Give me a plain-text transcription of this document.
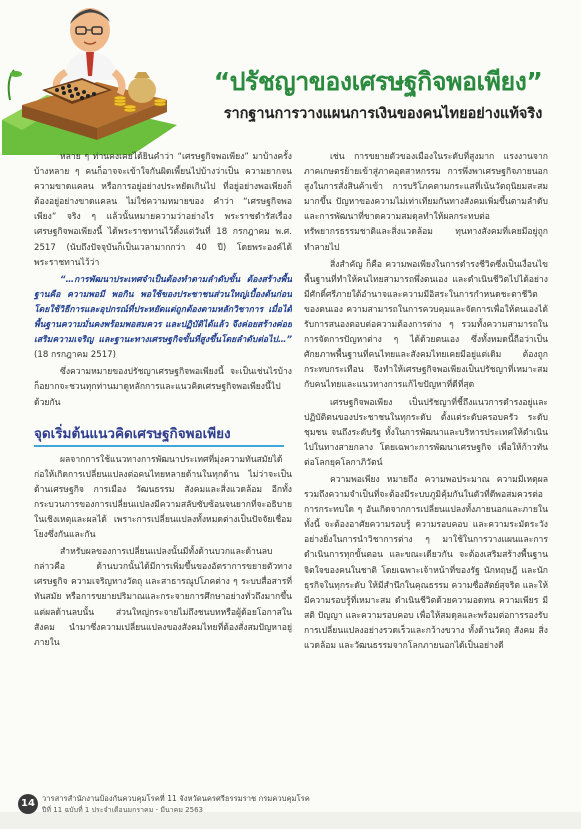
“ปรัชญาของเศรษฐกิจพอเพียง”
รากฐานการวางแผนการเงินของคนไทยอย่างแท้จริง

หลาย ๆ ท่านคงเคยได้ยินคำว่า “เศรษฐกิจพอเพียง” มาบ้างครั้ง บ้างหลาย ๆ คนก็อาจจะเข้าใจกันผิดเพี้ยนไปบ้างว่าเป็น ความยากจน ความขาดแคลน หรือการอยู่อย่างประหยัดเกินไป ที่อยู่อย่างพอเพียงก็ต้องอยู่อย่างขาดแคลน ไม่ใช่ความหมายของ คำว่า “เศรษฐกิจพอเพียง” จริง ๆ แล้วนั้นหมายความว่าอย่างไร พระราชดำรัสเรื่องเศรษฐกิจพอเพียงนี้ ได้พระราชทานไว้ตั้งแต่วันที่ 18 กรกฎาคม พ.ศ. 2517 (นับถึงปัจจุบันก็เป็นเวลามากกว่า 40 ปี) โดยพระองค์ได้พระราชทานไว้ว่า

“…การพัฒนาประเทศจำเป็นต้องทำตามลำดับขั้น ต้องสร้างพื้นฐานคือ ความพอมี พอกิน พอใช้ของประชาชนส่วนใหญ่เบื้องต้นก่อน โดยใช้วิธีการและอุปกรณ์ที่ประหยัดแต่ถูกต้องตามหลักวิชาการ เมื่อได้พื้นฐานความมั่นคงพร้อมพอสมควร และปฏิบัติได้แล้ว จึงค่อยสร้างค่อยเสริมความเจริญ และฐานะทางเศรษฐกิจขั้นที่สูงขึ้นโดยลำดับต่อไป…” (18 กรกฎาคม 2517)

ซึ่งความหมายของปรัชญาเศรษฐกิจพอเพียงนี้ จะเป็นเช่นไรบ้าง ก็อยากจะชวนทุกท่านมาดูหลักการและแนวคิดเศรษฐกิจพอเพียงนี้ไปด้วยกัน

จุดเริ่มต้นแนวคิดเศรษฐกิจพอเพียง

ผลจากการใช้แนวทางการพัฒนาประเทศที่มุ่งความทันสมัยได้ก่อให้เกิดการเปลี่ยนแปลงต่อคนไทยหลายด้านในทุกด้าน ไม่ว่าจะเป็นด้านเศรษฐกิจ การเมือง วัฒนธรรม สังคมและสิ่งแวดล้อม อีกทั้งกระบวนการของการเปลี่ยนแปลงมีความสลับซับซ้อนจนยากที่จะอธิบายในเชิงเหตุและผลได้ เพราะการเปลี่ยนแปลงทั้งหมดต่างเป็นปัจจัยเชื่อมโยงซึ่งกันและกัน

สำหรับผลของการเปลี่ยนแปลงนั้นมีทั้งด้านบวกและด้านลบ กล่าวคือ ด้านบวกนั้นได้มีการเพิ่มขึ้นของอัตราการขยายตัวทางเศรษฐกิจ ความเจริญทางวัตถุ และสาธารณูปโภคต่าง ๆ ระบบสื่อสารที่ทันสมัย หรือการขยายปริมาณและกระจายการศึกษาอย่างทั่วถึงมากขึ้น แต่ผลด้านลบนั้น ส่วนใหญ่กระจายไม่ถึงชนบทหรือผู้ด้อยโอกาสในสังคม นำมาซึ่งความเปลี่ยนแปลงของสังคมไทยที่ต้องสั่งสมปัญหาอยู่ภายใน

เช่น การขยายตัวของเมืองในระดับที่สูงมาก แรงงานจากภาคเกษตรย้ายเข้าสู่ภาคอุตสาหกรรม การพึ่งพาเศรษฐกิจภายนอกสูงในการสั่งสินค้าเข้า การบริโภคตามกระแสที่เน้นวัตถุนิยมสะสมมากขึ้น ปัญหาของความไม่เท่าเทียมกันทางสังคมเพิ่มขึ้นตามลำดับ และการพัฒนาที่ขาดความสมดุลทำให้ผลกระทบต่อทรัพยากรธรรมชาติและสิ่งแวดล้อม ทุนทางสังคมที่เคยมีอยู่ถูกทำลายไป

สิ่งสำคัญ ก็คือ ความพอเพียงในการดำรงชีวิตซึ่งเป็นเงื่อนไขพื้นฐานที่ทำให้คนไทยสามารถพึ่งตนเอง และดำเนินชีวิตไปได้อย่างมีศักดิ์ศรีภายใต้อำนาจและความมีอิสระในการกำหนดชะตาชีวิตของตนเอง ความสามารถในการควบคุมและจัดการเพื่อให้ตนเองได้รับการสนองตอบต่อความต้องการต่าง ๆ รวมทั้งความสามารถในการจัดการปัญหาต่าง ๆ ได้ด้วยตนเอง ซึ่งทั้งหมดนี้ถือว่าเป็นศักยภาพพื้นฐานที่คนไทยและสังคมไทยเคยมีอยู่แต่เดิม ต้องถูกกระทบกระเทือน จึงทำให้เศรษฐกิจพอเพียงเป็นปรัชญาที่เหมาะสมกับคนไทยและแนวทางการแก้ไขปัญหาที่ดีที่สุด

เศรษฐกิจพอเพียง เป็นปรัชญาที่ชี้ถึงแนวการดำรงอยู่และปฏิบัติตนของประชาชนในทุกระดับ ตั้งแต่ระดับครอบครัว ระดับชุมชน จนถึงระดับรัฐ ทั้งในการพัฒนาและบริหารประเทศให้ดำเนินไปในทางสายกลาง โดยเฉพาะการพัฒนาเศรษฐกิจ เพื่อให้ก้าวทันต่อโลกยุคโลกาภิวัตน์

ความพอเพียง หมายถึง ความพอประมาณ ความมีเหตุผลรวมถึงความจำเป็นที่จะต้องมีระบบภูมิคุ้มกันในตัวที่ดีพอสมควรต่อการกระทบใด ๆ อันเกิดจากการเปลี่ยนแปลงทั้งภายนอกและภายใน ทั้งนี้ จะต้องอาศัยความรอบรู้ ความรอบคอบ และความระมัดระวังอย่างยิ่งในการนำวิชาการต่าง ๆ มาใช้ในการวางแผนและการดำเนินการทุกขั้นตอน และขณะเดียวกัน จะต้องเสริมสร้างพื้นฐานจิตใจของคนในชาติ โดยเฉพาะเจ้าหน้าที่ของรัฐ นักทฤษฎี และนักธุรกิจในทุกระดับ ให้มีสำนึกในคุณธรรม ความซื่อสัตย์สุจริต และให้มีความรอบรู้ที่เหมาะสม ดำเนินชีวิตด้วยความอดทน ความเพียร มีสติ ปัญญา และความรอบคอบ เพื่อให้สมดุลและพร้อมต่อการรองรับการเปลี่ยนแปลงอย่างรวดเร็วและกว้างขวาง ทั้งด้านวัตถุ สังคม สิ่งแวดล้อม และวัฒนธรรมจากโลกภายนอกได้เป็นอย่างดี

14 วารสารสำนักงานป้องกันควบคุมโรคที่ 11 จังหวัดนครศรีธรรมราช กรมควบคุมโรค
ปีที่ 11 ฉบับที่ 1 ประจำเดือนมกราคม - มีนาคม 2563
